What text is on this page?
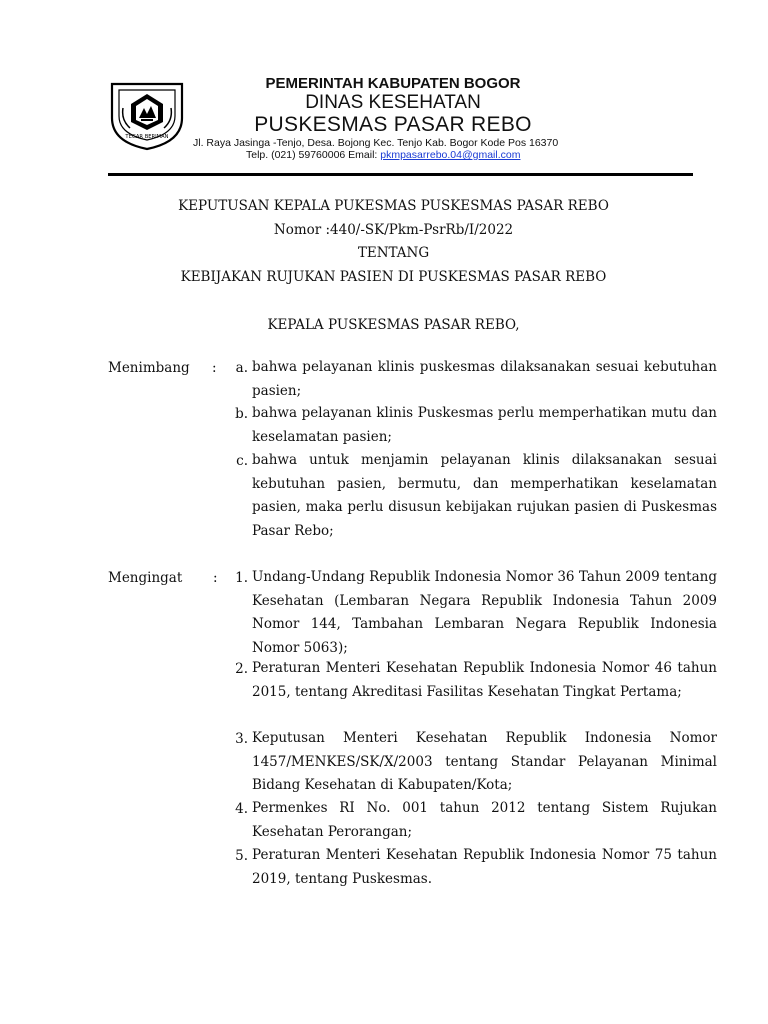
TEGAR BERIMAN
PEMERINTAH KABUPATEN BOGOR
DINAS KESEHATAN
PUSKESMAS PASAR REBO
Jl. Raya Jasinga -Tenjo, Desa. Bojong Kec. Tenjo Kab. Bogor Kode Pos 16370
Telp. (021) 59760006 Email: pkmpasarrebo.04@gmail.com
KEPUTUSAN KEPALA PUKESMAS PUSKESMAS PASAR REBO
Nomor :440/-SK/Pkm-PsrRb/I/2022
TENTANG
KEBIJAKAN RUJUKAN PASIEN DI PUSKESMAS PASAR REBO
KEPALA PUSKESMAS PASAR REBO,
Menimbang :	a. bahwa pelayanan klinis puskesmas dilaksanakan sesuai kebutuhan pasien;
b. bahwa pelayanan klinis Puskesmas perlu memperhatikan mutu dan keselamatan pasien;
c. bahwa untuk menjamin pelayanan klinis dilaksanakan sesuai kebutuhan pasien, bermutu, dan memperhatikan keselamatan pasien, maka perlu disusun kebijakan rujukan pasien di Puskesmas Pasar Rebo;
Mengingat :	1. Undang-Undang Republik Indonesia Nomor 36 Tahun 2009 tentang Kesehatan (Lembaran Negara Republik Indonesia Tahun 2009 Nomor 144, Tambahan Lembaran Negara Republik Indonesia Nomor 5063);
2. Peraturan Menteri Kesehatan Republik Indonesia Nomor 46 tahun 2015, tentang Akreditasi Fasilitas Kesehatan Tingkat Pertama;
3. Keputusan Menteri Kesehatan Republik Indonesia Nomor 1457/MENKES/SK/X/2003 tentang Standar Pelayanan Minimal Bidang Kesehatan di Kabupaten/Kota;
4. Permenkes RI No. 001 tahun 2012 tentang Sistem Rujukan Kesehatan Perorangan;
5. Peraturan Menteri Kesehatan Republik Indonesia Nomor 75 tahun 2019, tentang Puskesmas.
